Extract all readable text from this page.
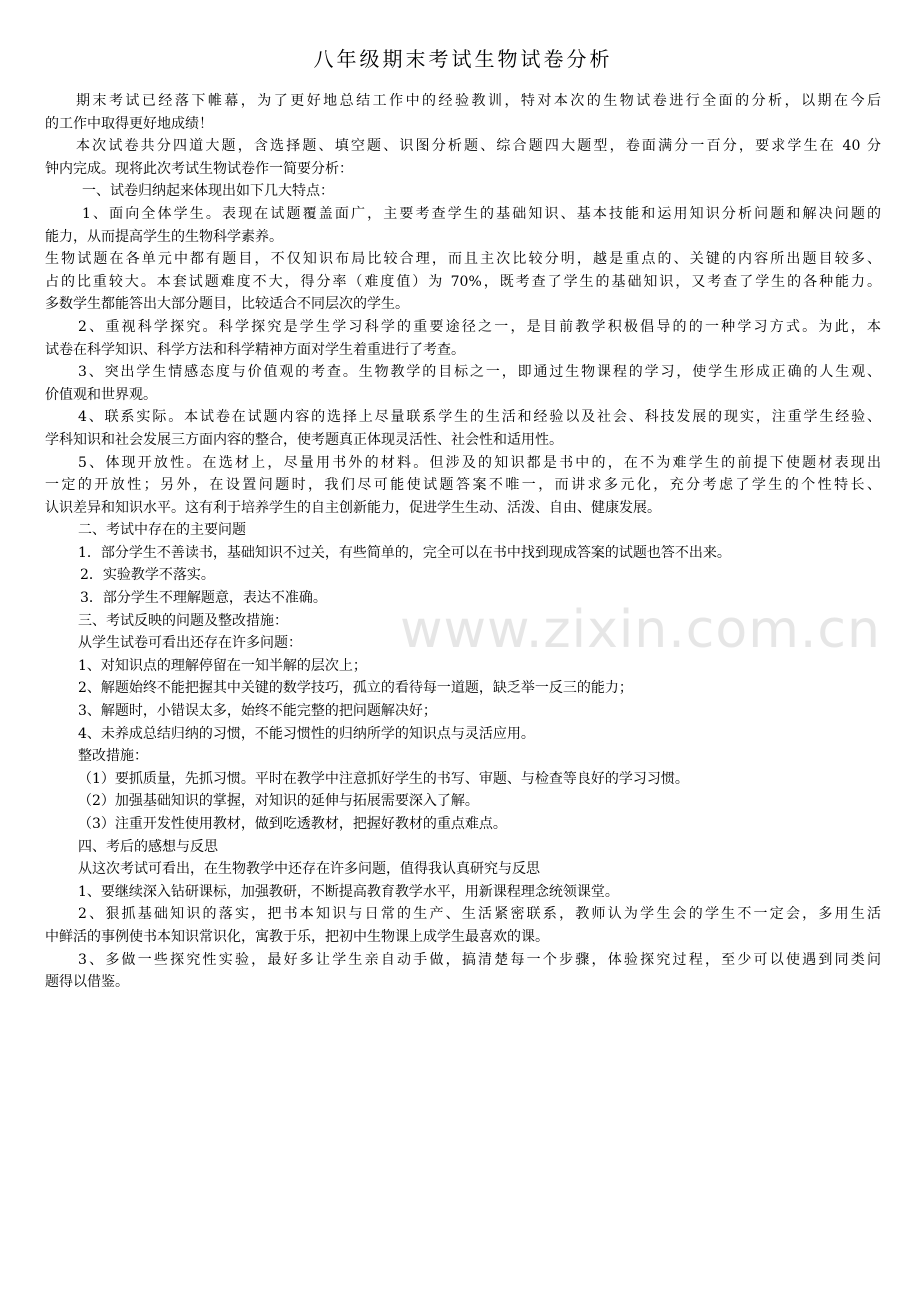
www.zixin.com.cn
八年级期末考试生物试卷分析
期末考试已经落下帷幕，为了更好地总结工作中的经验教训，特对本次的生物试卷进行全面的分析，以期在今后
的工作中取得更好地成绩！
本次试卷共分四道大题，含选择题、填空题、识图分析题、综合题四大题型，卷面满分一百分，要求学生在 40 分
钟内完成。现将此次考试生物试卷作一简要分析：
一、试卷归纳起来体现出如下几大特点：
1、面向全体学生。表现在试题覆盖面广，主要考查学生的基础知识、基本技能和运用知识分析问题和解决问题的
能力，从而提高学生的生物科学素养。
生物试题在各单元中都有题目，不仅知识布局比较合理，而且主次比较分明，越是重点的、关键的内容所出题目较多、
占的比重较大。本套试题难度不大，得分率（难度值）为 70%，既考查了学生的基础知识，又考查了学生的各种能力。
多数学生都能答出大部分题目，比较适合不同层次的学生。
2、重视科学探究。科学探究是学生学习科学的重要途径之一，是目前教学积极倡导的的一种学习方式。为此，本
试卷在科学知识、科学方法和科学精神方面对学生着重进行了考查。
3、突出学生情感态度与价值观的考查。生物教学的目标之一，即通过生物课程的学习，使学生形成正确的人生观、
价值观和世界观。
4、联系实际。本试卷在试题内容的选择上尽量联系学生的生活和经验以及社会、科技发展的现实，注重学生经验、
学科知识和社会发展三方面内容的整合，使考题真正体现灵活性、社会性和适用性。
5、体现开放性。在选材上，尽量用书外的材料。但涉及的知识都是书中的，在不为难学生的前提下使题材表现出
一定的开放性；另外，在设置问题时，我们尽可能使试题答案不唯一，而讲求多元化，充分考虑了学生的个性特长、
认识差异和知识水平。这有利于培养学生的自主创新能力，促进学生生动、活泼、自由、健康发展。
二、考试中存在的主要问题
1．部分学生不善读书，基础知识不过关，有些简单的，完全可以在书中找到现成答案的试题也答不出来。
2．实验教学不落实。
3．部分学生不理解题意，表达不准确。
三、考试反映的问题及整改措施：
从学生试卷可看出还存在许多问题：
1、对知识点的理解停留在一知半解的层次上；
2、解题始终不能把握其中关键的数学技巧，孤立的看待每一道题，缺乏举一反三的能力；
3、解题时，小错误太多，始终不能完整的把问题解决好；
4、未养成总结归纳的习惯，不能习惯性的归纳所学的知识点与灵活应用。
整改措施：
（1）要抓质量，先抓习惯。平时在教学中注意抓好学生的书写、审题、与检查等良好的学习习惯。
（2）加强基础知识的掌握，对知识的延伸与拓展需要深入了解。
（3）注重开发性使用教材，做到吃透教材，把握好教材的重点难点。
四、考后的感想与反思
从这次考试可看出，在生物教学中还存在许多问题，值得我认真研究与反思
1、要继续深入钻研课标，加强教研，不断提高教育教学水平，用新课程理念统领课堂。
2、狠抓基础知识的落实，把书本知识与日常的生产、生活紧密联系，教师认为学生会的学生不一定会，多用生活
中鲜活的事例使书本知识常识化，寓教于乐，把初中生物课上成学生最喜欢的课。
3、多做一些探究性实验，最好多让学生亲自动手做，搞清楚每一个步骤，体验探究过程，至少可以使遇到同类问
题得以借鉴。
